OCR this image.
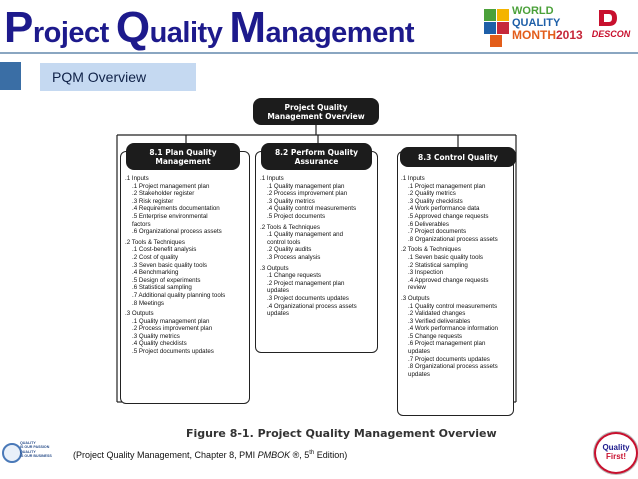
Project Quality Management
WORLD
QUALITY
MONTH2013	DESCON
PQM Overview
Project Quality
Management Overview
8.1 Plan Quality
Management
.1 Inputs
.1 Project management plan
.2 Stakeholder register
.3 Risk register
.4 Requirements documentation
.5 Enterprise environmental factors
.6 Organizational process assets
.2 Tools & Techniques
.1 Cost-benefit analysis
.2 Cost of quality
.3 Seven basic quality tools
.4 Benchmarking
.5 Design of experiments
.6 Statistical sampling
.7 Additional quality planning tools
.8 Meetings
.3 Outputs
.1 Quality management plan
.2 Process improvement plan
.3 Quality metrics
.4 Quality checklists
.5 Project documents updates
8.2 Perform Quality
Assurance
.1 Inputs
.1 Quality management plan
.2 Process improvement plan
.3 Quality metrics
.4 Quality control measurements
.5 Project documents
.2 Tools & Techniques
.1 Quality management and control tools
.2 Quality audits
.3 Process analysis
.3 Outputs
.1 Change requests
.2 Project management plan updates
.3 Project documents updates
.4 Organizational process assets updates
8.3 Control Quality
.1 Inputs
.1 Project management plan
.2 Quality metrics
.3 Quality checklists
.4 Work performance data
.5 Approved change requests
.6 Deliverables
.7 Project documents
.8 Organizational process assets
.2 Tools & Techniques
.1 Seven basic quality tools
.2 Statistical sampling
.3 Inspection
.4 Approved change requests review
.3 Outputs
.1 Quality control measurements
.2 Validated changes
.3 Verified deliverables
.4 Work performance information
.5 Change requests
.6 Project management plan updates
.7 Project documents updates
.8 Organizational process assets updates
Figure 8-1. Project Quality Management Overview
QUALITY
IS OUR PASSION
QUALITY
IS OUR BUSINESS (Project Quality Management, Chapter 8, PMI PMBOK ®, 5th Edition)
Quality
First!
